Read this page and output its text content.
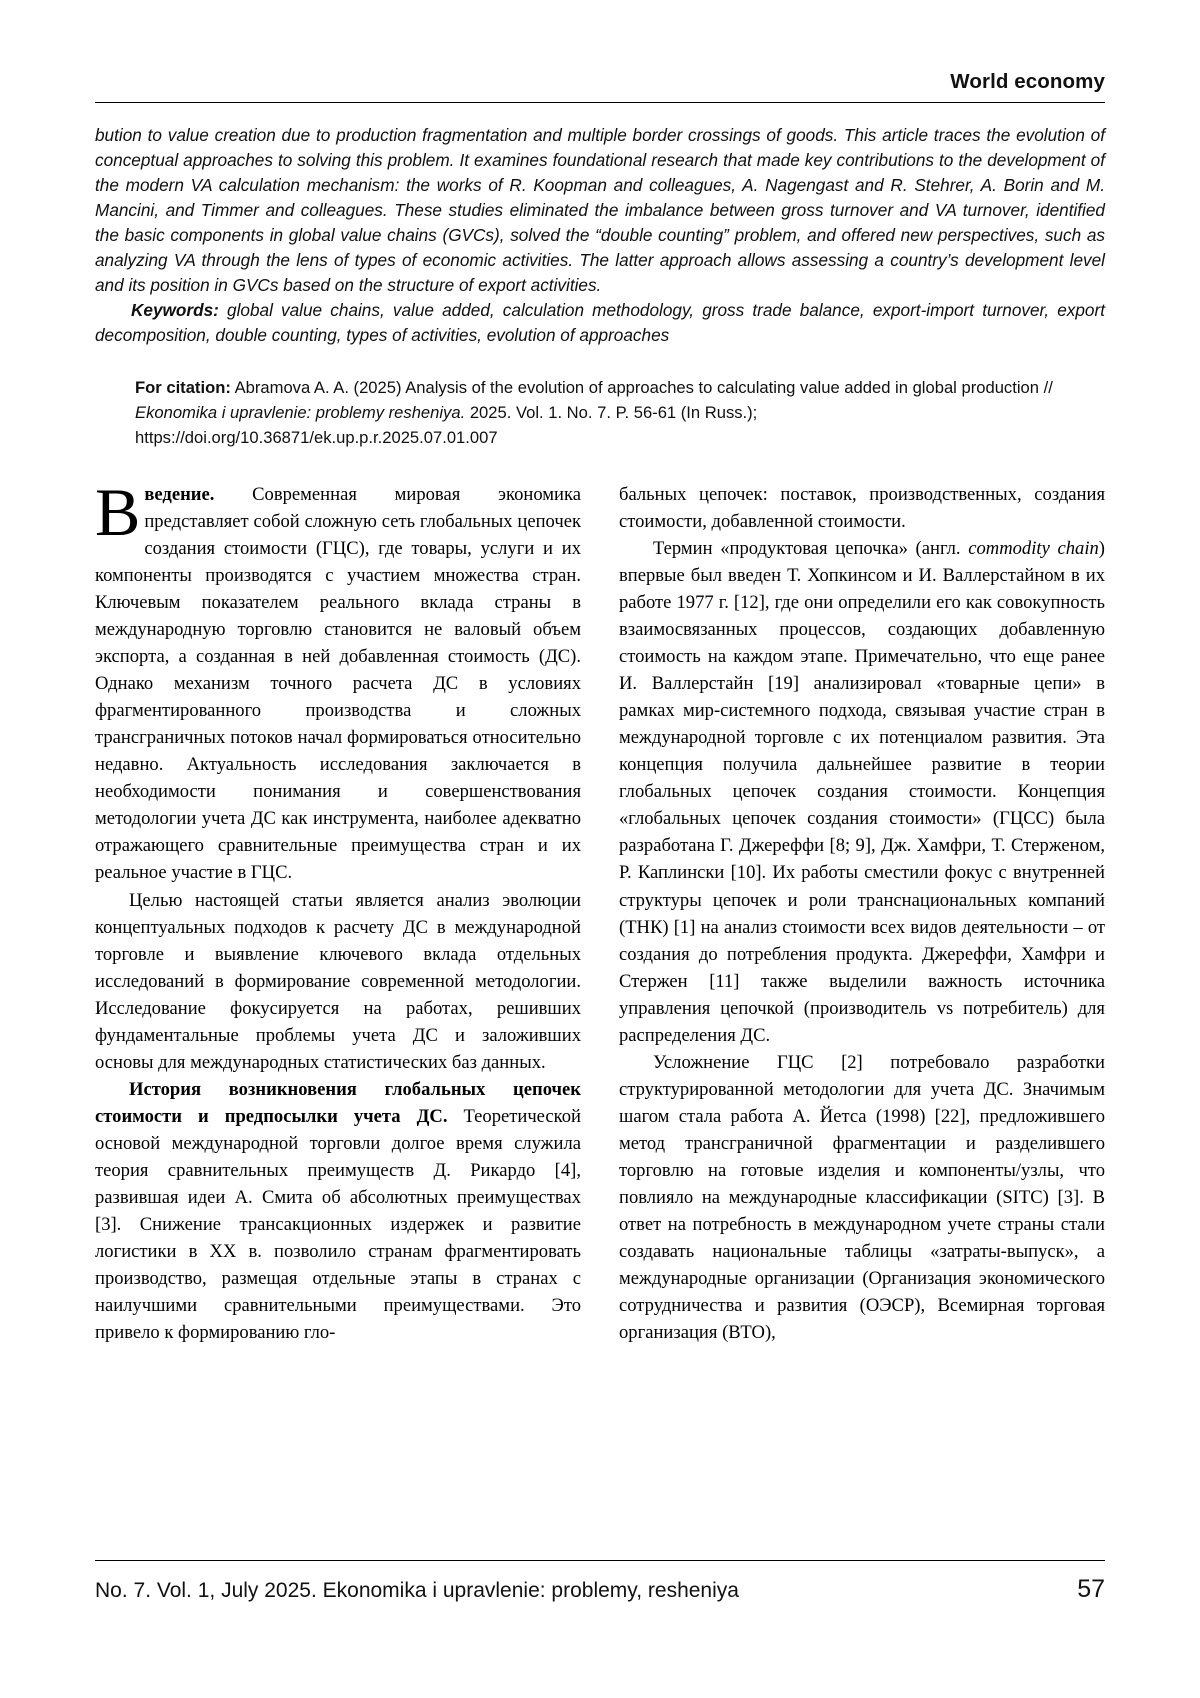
World economy
bution to value creation due to production fragmentation and multiple border crossings of goods. This article traces the evolution of conceptual approaches to solving this problem. It examines foundational research that made key contributions to the development of the modern VA calculation mechanism: the works of R. Koopman and colleagues, A. Nagengast and R. Stehrer, A. Borin and M. Mancini, and Timmer and colleagues. These studies eliminated the imbalance between gross turnover and VA turnover, identified the basic components in global value chains (GVCs), solved the “double counting” problem, and offered new perspectives, such as analyzing VA through the lens of types of economic activities. The latter approach allows assessing a country’s development level and its position in GVCs based on the structure of export activities.
Keywords: global value chains, value added, calculation methodology, gross trade balance, export-import turnover, export decomposition, double counting, types of activities, evolution of approaches
For citation: Abramova A. A. (2025) Analysis of the evolution of approaches to calculating value added in global production // Ekonomika i upravlenie: problemy resheniya. 2025. Vol. 1. No. 7. P. 56-61 (In Russ.); https://doi.org/10.36871/ek.up.p.r.2025.07.01.007

Введение. Современная мировая экономика представляет собой сложную сеть глобальных цепочек создания стоимости (ГЦС), где товары, услуги и их компоненты производятся с участием множества стран. Ключевым показателем реального вклада страны в международную торговлю становится не валовый объем экспорта, а созданная в ней добавленная стоимость (ДС). Однако механизм точного расчета ДС в условиях фрагментированного производства и сложных трансграничных потоков начал формироваться относительно недавно. Актуальность исследования заключается в необходимости понимания и совершенствования методологии учета ДС как инструмента, наиболее адекватно отражающего сравнительные преимущества стран и их реальное участие в ГЦС.

Целью настоящей статьи является анализ эволюции концептуальных подходов к расчету ДС в международной торговле и выявление ключевого вклада отдельных исследований в формирование современной методологии. Исследование фокусируется на работах, решивших фундаментальные проблемы учета ДС и заложивших основы для международных статистических баз данных.

История возникновения глобальных цепочек стоимости и предпосылки учета ДС. Теоретической основой международной торговли долгое время служила теория сравнительных преимуществ Д. Рикардо [4], развившая идеи А. Смита об абсолютных преимуществах [3]. Снижение трансакционных издержек и развитие логистики в XX в. позволило странам фрагментировать производство, размещая отдельные этапы в странах с наилучшими сравнительными преимуществами. Это привело к формированию гло-

бальных цепочек: поставок, производственных, создания стоимости, добавленной стоимости.

Термин «продуктовая цепочка» (англ. commodity chain) впервые был введен Т. Хопкинсом и И. Валлерстайном в их работе 1977 г. [12], где они определили его как совокупность взаимосвязанных процессов, создающих добавленную стоимость на каждом этапе. Примечательно, что еще ранее И. Валлерстайн [19] анализировал «товарные цепи» в рамках мир-системного подхода, связывая участие стран в международной торговле с их потенциалом развития. Эта концепция получила дальнейшее развитие в теории глобальных цепочек создания стоимости. Концепция «глобальных цепочек создания стоимости» (ГЦСС) была разработана Г. Джереффи [8; 9], Дж. Хамфри, Т. Стерженом, Р. Каплински [10]. Их работы сместили фокус с внутренней структуры цепочек и роли транснациональных компаний (ТНК) [1] на анализ стоимости всех видов деятельности – от создания до потребления продукта. Джереффи, Хамфри и Стержен [11] также выделили важность источника управления цепочкой (производитель vs потребитель) для распределения ДС.

Усложнение ГЦС [2] потребовало разработки структурированной методологии для учета ДС. Значимым шагом стала работа А. Йетса (1998) [22], предложившего метод трансграничной фрагментации и разделившего торговлю на готовые изделия и компоненты/узлы, что повлияло на международные классификации (SITC) [3]. В ответ на потребность в международном учете страны стали создавать национальные таблицы «затраты-выпуск», а международные организации (Организация экономического сотрудничества и развития (ОЭСР), Всемирная торговая организация (ВТО),

No. 7. Vol. 1, July 2025. Ekonomika i upravlenie: problemy, resheniya	57
